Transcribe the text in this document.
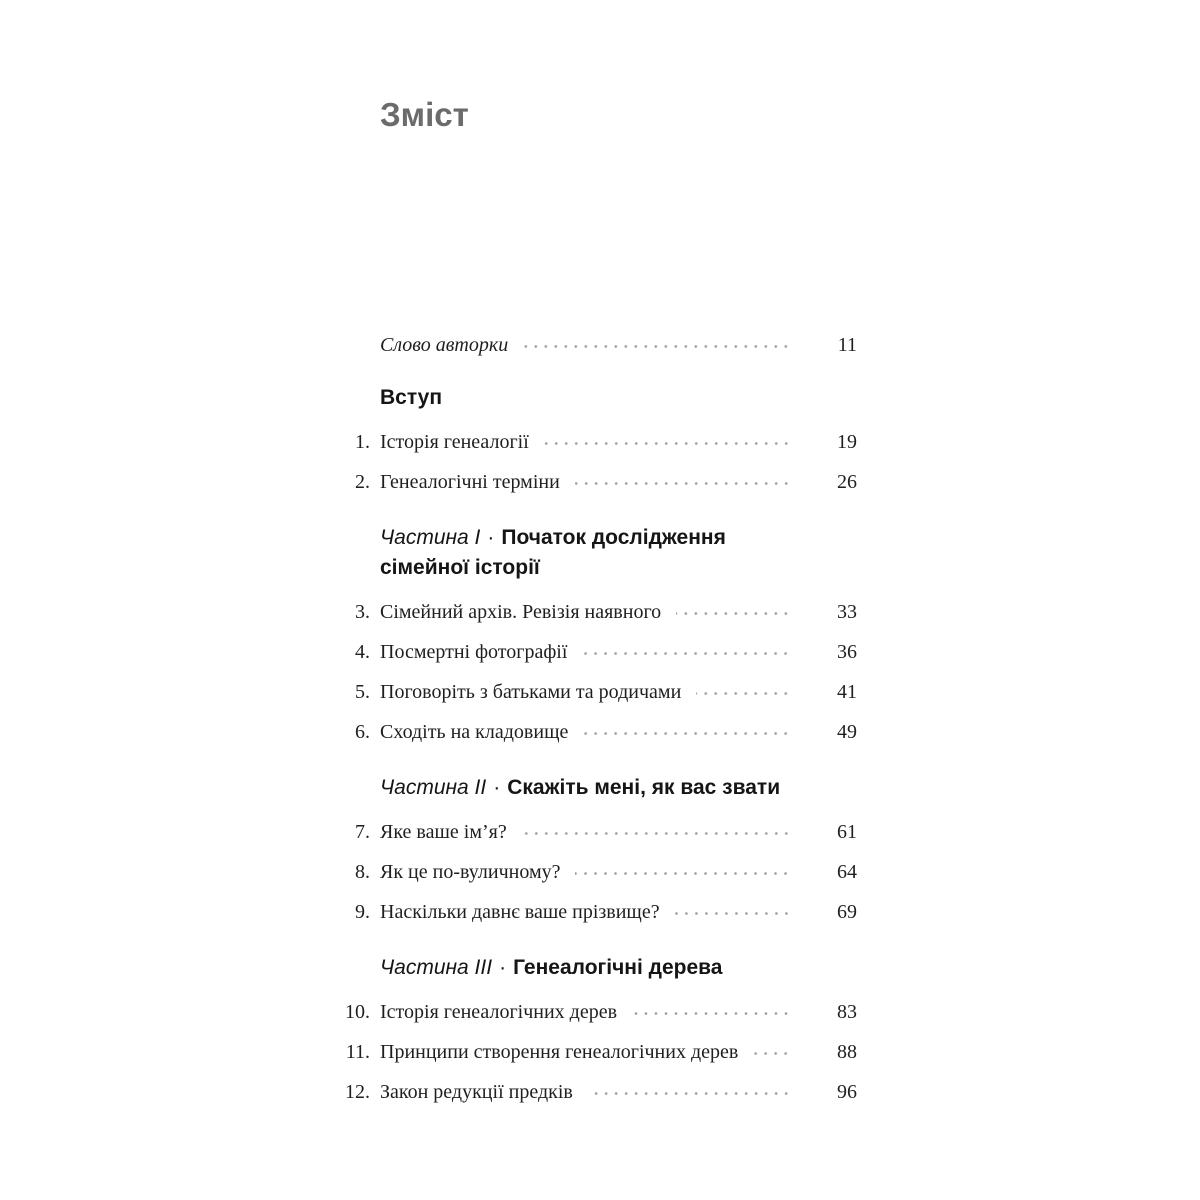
Зміст
Слово авторки	11
Вступ
1. Історія генеалогії	19
2. Генеалогічні терміни	26
Частина I · Початок дослідження
сімейної історії
3. Сімейний архів. Ревізія наявного	33
4. Посмертні фотографії	36
5. Поговоріть з батьками та родичами	41
6. Сходіть на кладовище	49
Частина II · Скажіть мені, як вас звати
7. Яке ваше ім’я?	61
8. Як це по-вуличному?	64
9. Наскільки давнє ваше прізвище?	69
Частина III · Генеалогічні дерева
10. Історія генеалогічних дерев	83
11. Принципи створення генеалогічних дерев	88
12. Закон редукції предків	96
